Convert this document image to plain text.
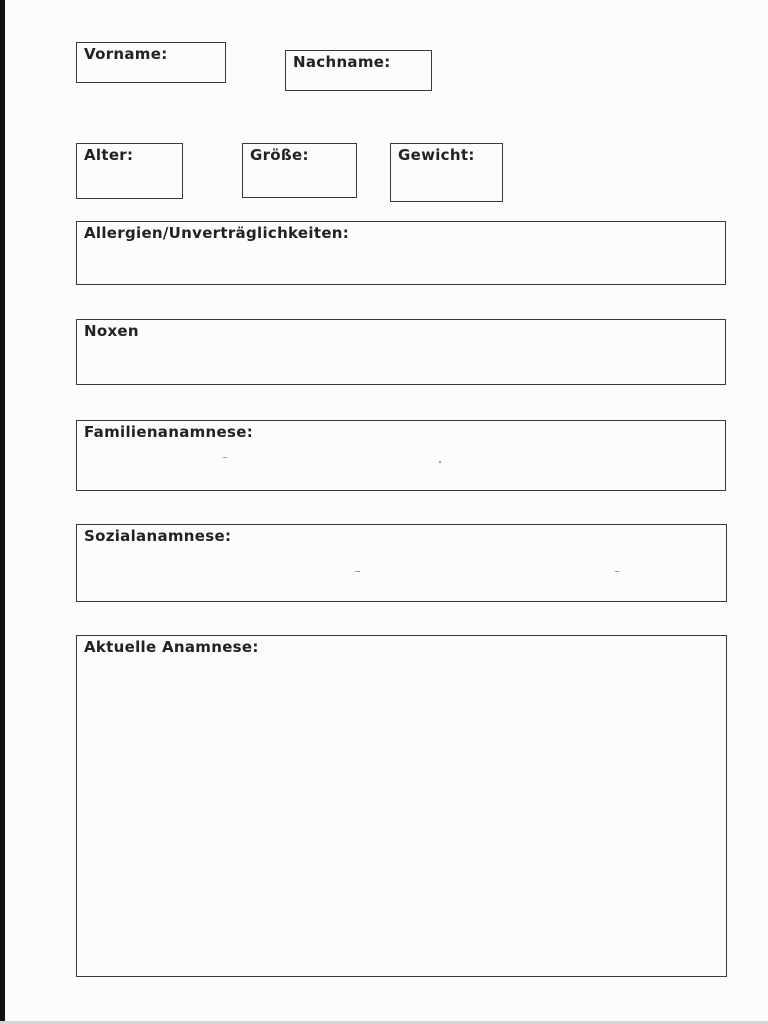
Vorname:	Nachname:
Alter:	Größe:	Gewicht:
Allergien/Unverträglichkeiten:
Noxen
Familienanamnese:
Sozialanamnese:
Aktuelle Anamnese:
